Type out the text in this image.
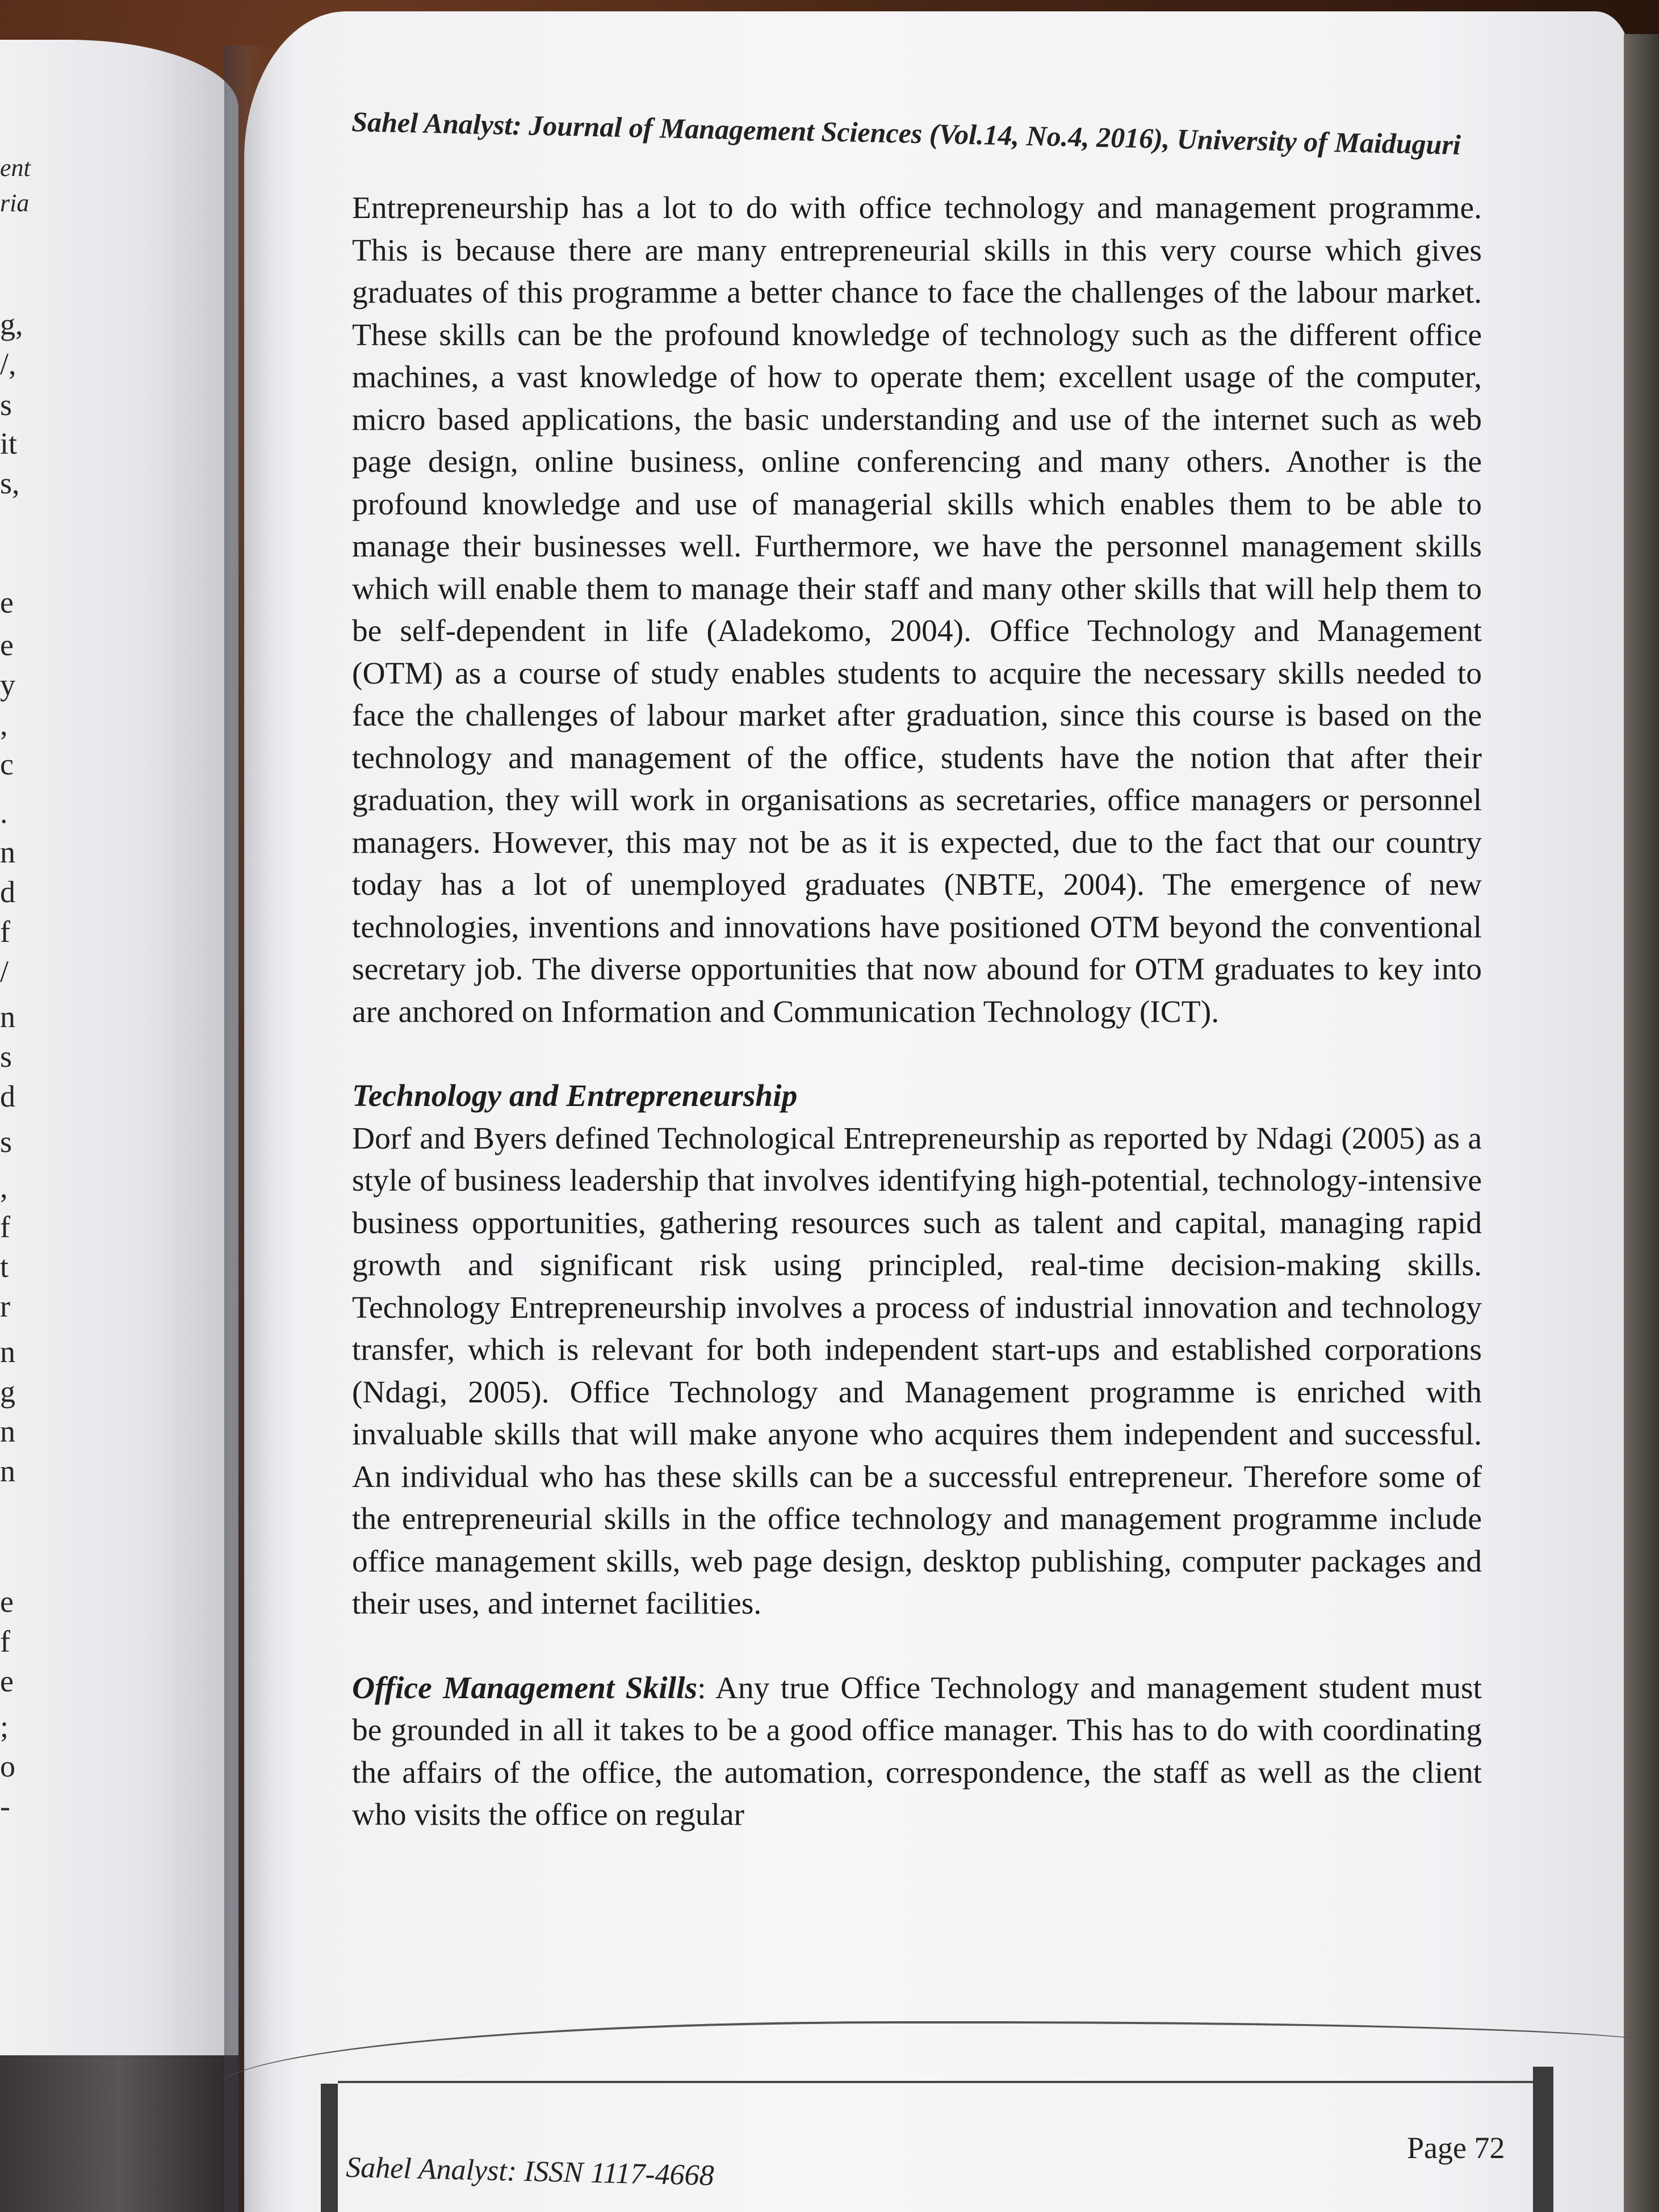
ent
ria
g,
/,
s
it
s,
e
e
y
,
c
.
n
d
f
/
n
s
d
s
,
f
t
r
n
g
n
n
e
f
e
;
o
-
Sahel Analyst: Journal of Management Sciences (Vol.14, No.4, 2016), University of Maiduguri

Entrepreneurship has a lot to do with office technology and management programme. This is because there are many entrepreneurial skills in this very course which gives graduates of this programme a better chance to face the challenges of the labour market. These skills can be the profound knowledge of technology such as the different office machines, a vast knowledge of how to operate them; excellent usage of the computer, micro based applications, the basic understanding and use of the internet such as web page design, online business, online conferencing and many others. Another is the profound knowledge and use of managerial skills which enables them to be able to manage their businesses well. Furthermore, we have the personnel management skills which will enable them to manage their staff and many other skills that will help them to be self-dependent in life (Aladekomo, 2004). Office Technology and Management (OTM) as a course of study enables students to acquire the necessary skills needed to face the challenges of labour market after graduation, since this course is based on the technology and management of the office, students have the notion that after their graduation, they will work in organisations as secretaries, office managers or personnel managers. However, this may not be as it is expected, due to the fact that our country today has a lot of unemployed graduates (NBTE, 2004). The emergence of new technologies, inventions and innovations have positioned OTM beyond the conventional secretary job. The diverse opportunities that now abound for OTM graduates to key into are anchored on Information and Communication Technology (ICT).

Technology and Entrepreneurship

Dorf and Byers defined Technological Entrepreneurship as reported by Ndagi (2005) as a style of business leadership that involves identifying high-potential, technology-intensive business opportunities, gathering resources such as talent and capital, managing rapid growth and significant risk using principled, real-time decision-making skills. Technology Entrepreneurship involves a process of industrial innovation and technology transfer, which is relevant for both independent start-ups and established corporations (Ndagi, 2005). Office Technology and Management programme is enriched with invaluable skills that will make anyone who acquires them independent and successful. An individual who has these skills can be a successful entrepreneur. Therefore some of the entrepreneurial skills in the office technology and management programme include office management skills, web page design, desktop publishing, computer packages and their uses, and internet facilities.

Office Management Skills: Any true Office Technology and management student must be grounded in all it takes to be a good office manager. This has to do with coordinating the affairs of the office, the automation, correspondence, the staff as well as the client who visits the office on regular

Page 72
Sahel Analyst: ISSN 1117-4668
